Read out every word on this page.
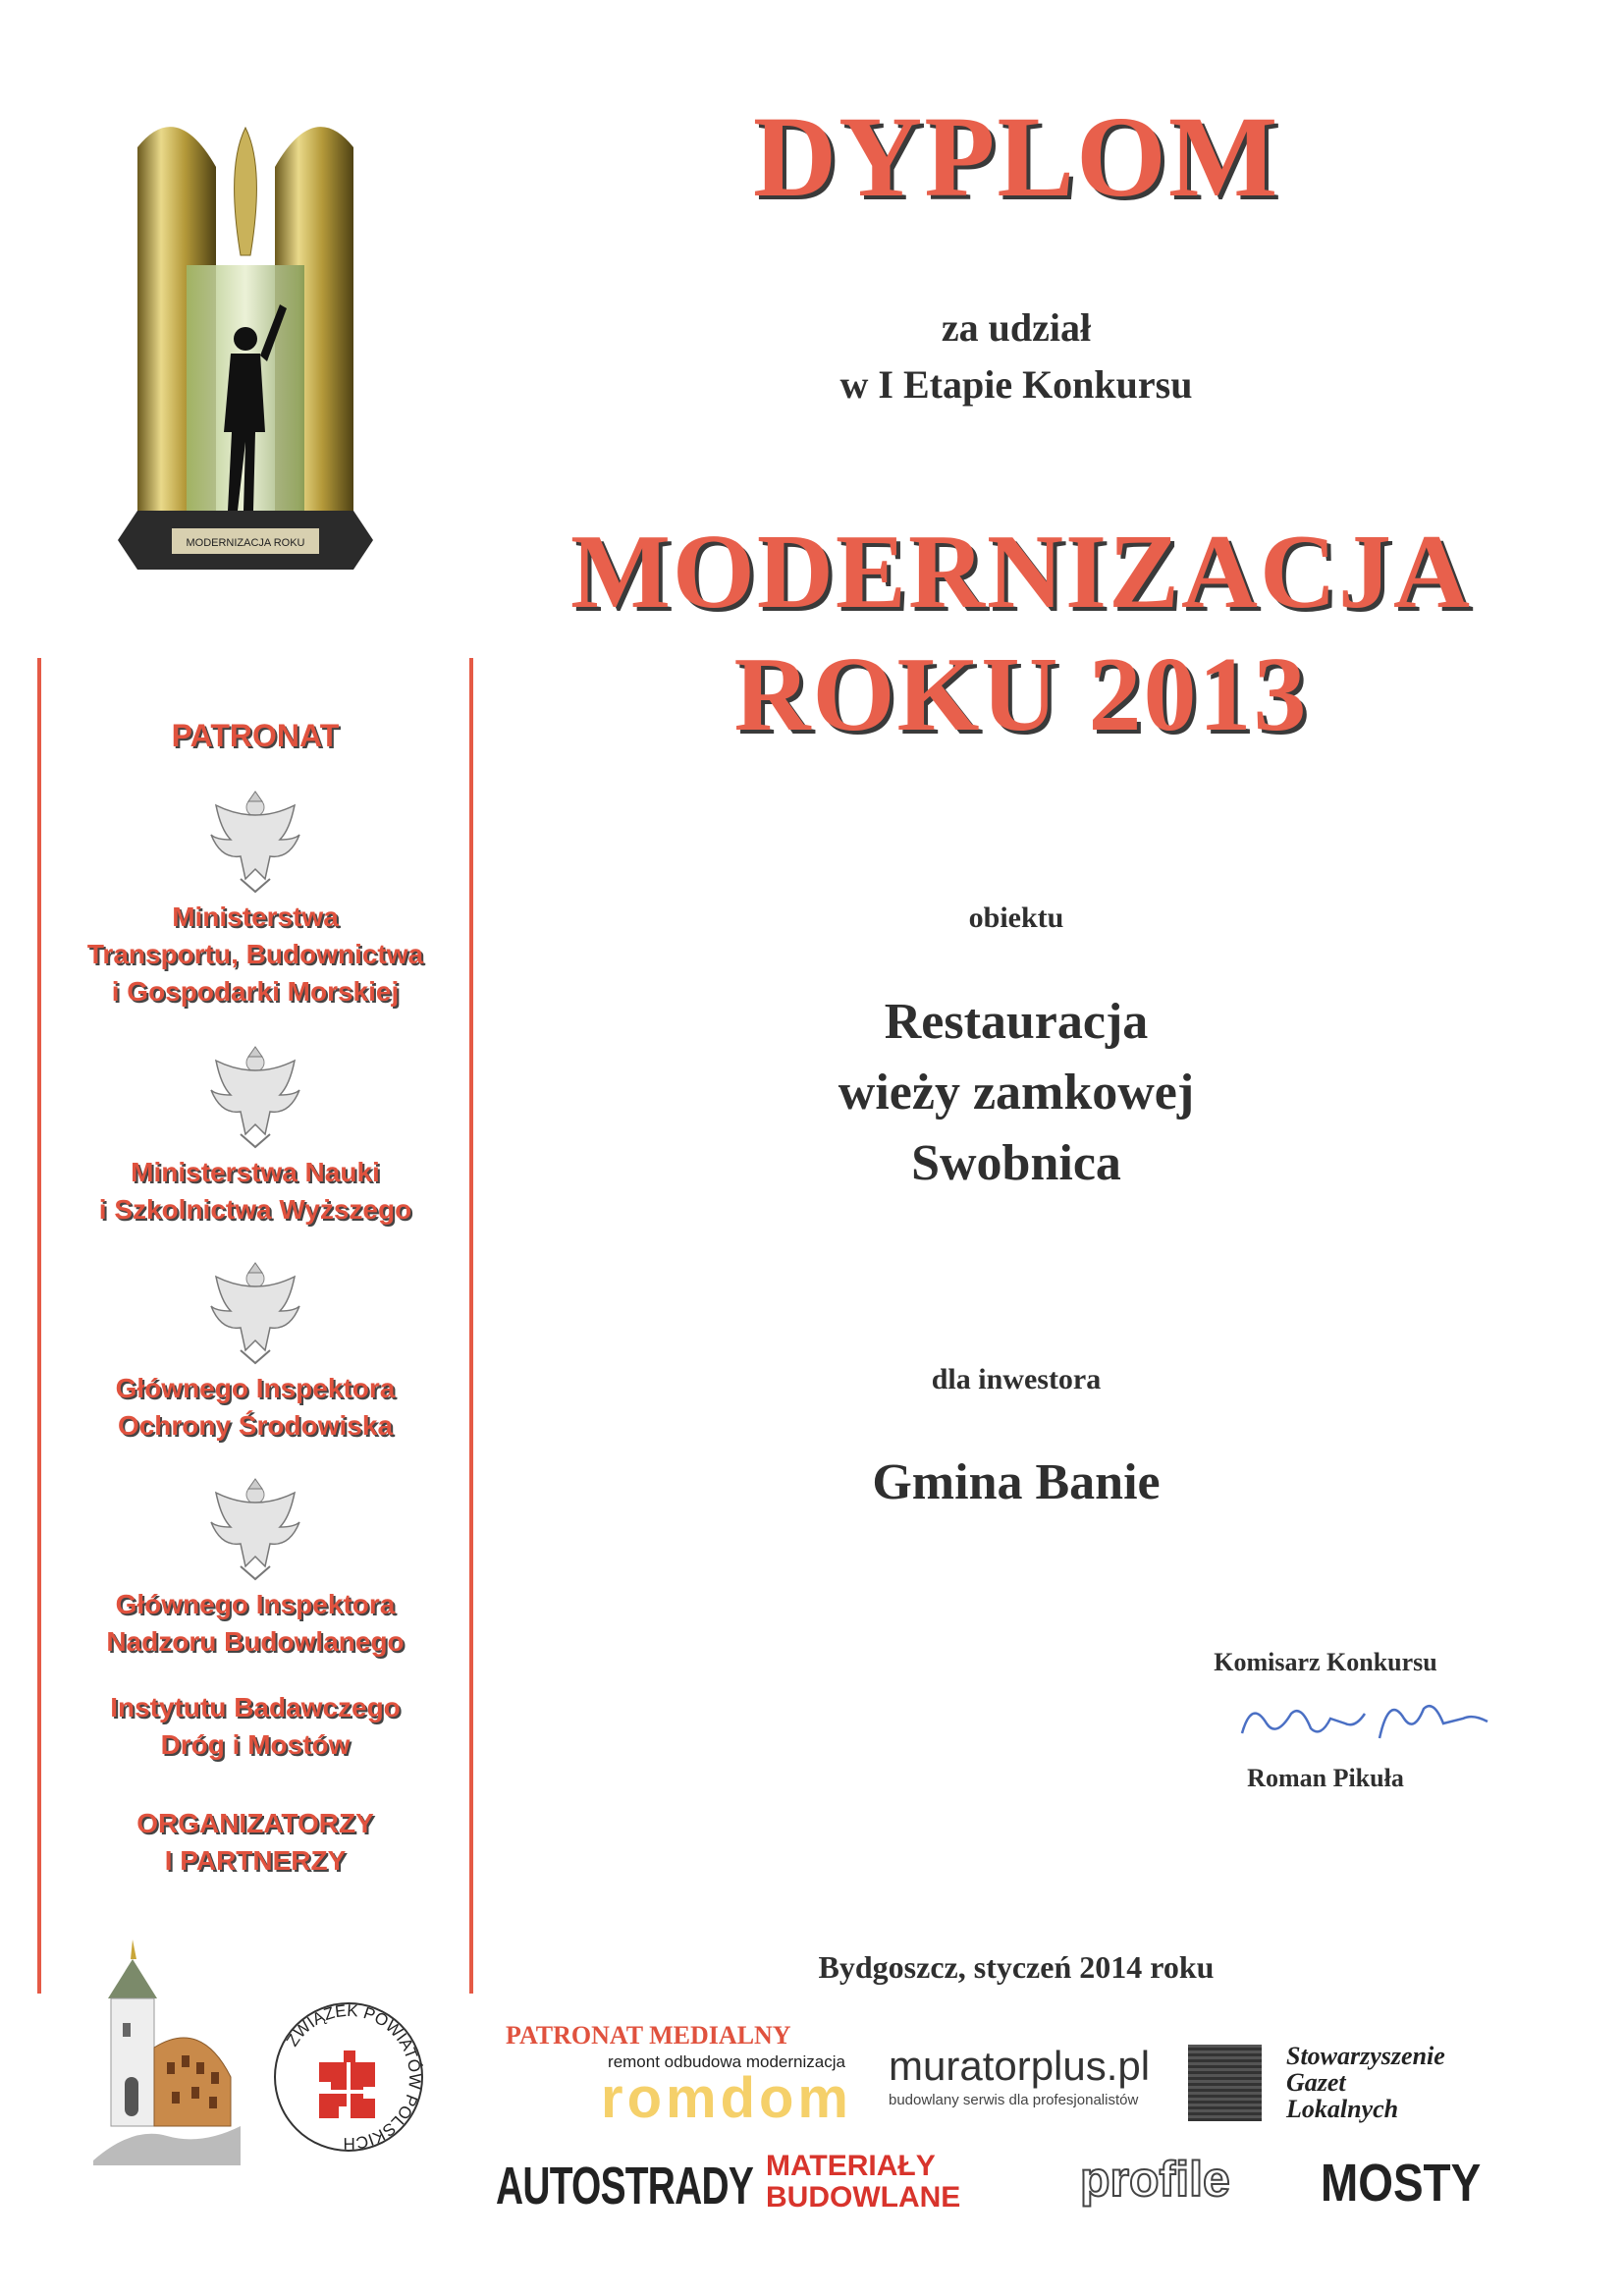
MODERNIZACJA ROKU
DYPLOM
za udział
w I Etapie Konkursu
MODERNIZACJA
ROKU 2013
obiektu
Restauracja
wieży zamkowej
Swobnica
dla inwestora
Gmina Banie
Komisarz Konkursu
Roman Pikuła
Roman Pikuła
Bydgoszcz, styczeń 2014 roku
PATRONAT
Ministerstwa
Transportu, Budownictwa
i Gospodarki Morskiej
Ministerstwa Nauki
i Szkolnictwa Wyższego
Głównego Inspektora
Ochrony Środowiska
Głównego Inspektora
Nadzoru Budowlanego
Instytutu Badawczego
Dróg i Mostów
ORGANIZATORZY
I PARTNERZY
ZWIĄZEK POWIATÓW POLSKICH
PATRONAT MEDIALNY
remont odbudowa modernizacja
romdom
muratorplus.pl
budowlany serwis dla profesjonalistów
Stowarzyszenie
Gazet
Lokalnych
AUTOSTRADY MATERIAŁY
BUDOWLANE	profile MOSTY
